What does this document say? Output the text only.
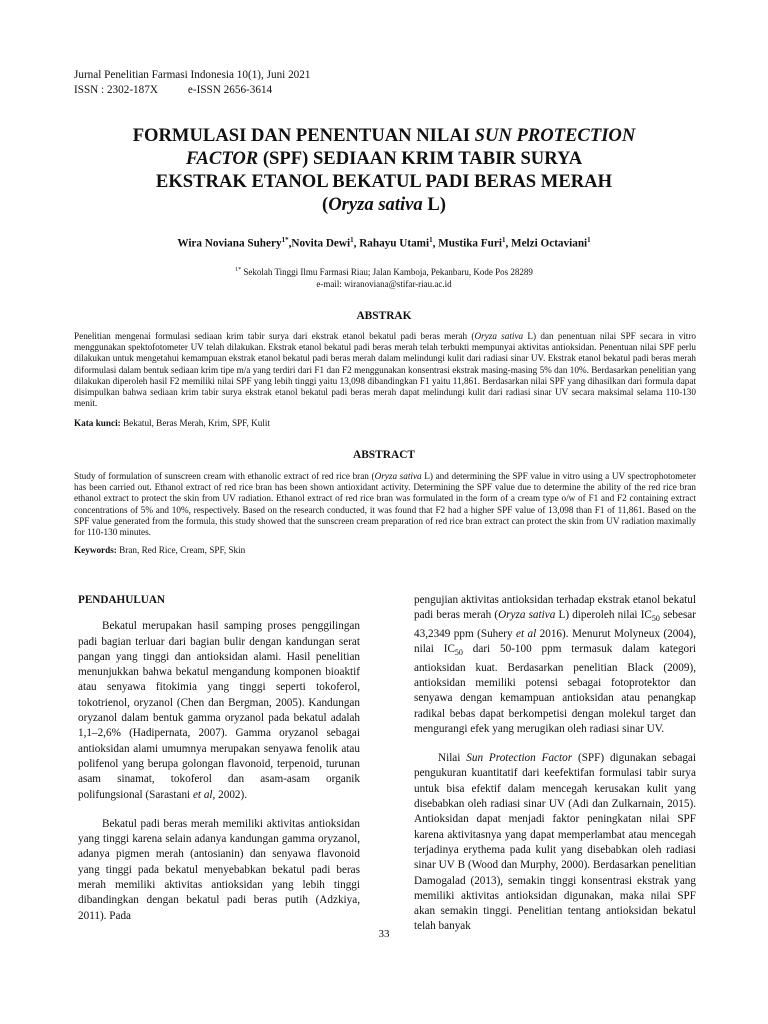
Jurnal Penelitian Farmasi Indonesia 10(1), Juni 2021
ISSN : 2302-187X	e-ISSN 2656-3614
FORMULASI DAN PENENTUAN NILAI SUN PROTECTION
FACTOR (SPF) SEDIAAN KRIM TABIR SURYA
EKSTRAK ETANOL BEKATUL PADI BERAS MERAH
(Oryza sativa L)
Wira Noviana Suhery$^{1*}$,Novita Dewi$^1$, Rahayu Utami$^1$, Mustika Furi$^1$, Melzi Octaviani$^1$
$^{1*}$ Sekolah Tinggi Ilmu Farmasi Riau; Jalan Kamboja, Pekanbaru, Kode Pos 28289
e-mail: wiranoviana@stifar-riau.ac.id
ABSTRAK
Penelitian mengenai formulasi sediaan krim tabir surya dari ekstrak etanol bekatul padi beras merah (Oryza sativa L) dan penentuan nilai SPF secara in vitro menggunakan spektofotometer UV telah dilakukan. Ekstrak etanol bekatul padi beras merah telah terbukti mempunyai aktivitas antioksidan. Penentuan nilai SPF perlu dilakukan untuk mengetahui kemampuan ekstrak etanol bekatul padi beras merah dalam melindungi kulit dari radiasi sinar UV. Ekstrak etanol bekatul padi beras merah diformulasi dalam bentuk sediaan krim tipe m/a yang terdiri dari F1 dan F2 menggunakan konsentrasi ekstrak masing-masing 5% dan 10%. Berdasarkan penelitian yang dilakukan diperoleh hasil F2 memiliki nilai SPF yang lebih tinggi yaitu 13,098 dibandingkan F1 yaitu 11,861. Berdasarkan nilai SPF yang dihasilkan dari formula dapat disimpulkan bahwa sediaan krim tabir surya ekstrak etanol bekatul padi beras merah dapat melindungi kulit dari radiasi sinar UV secara maksimal selama 110-130 menit.
Kata kunci: Bekatul, Beras Merah, Krim, SPF, Kulit
ABSTRACT
Study of formulation of sunscreen cream with ethanolic extract of red rice bran (Oryza sativa L) and determining the SPF value in vitro using a UV spectrophotometer has been carried out. Ethanol extract of red rice bran has been shown antioxidant activity. Determining the SPF value due to determine the ability of the red rice bran ethanol extract to protect the skin from UV radiation. Ethanol extract of red rice bran was formulated in the form of a cream type o/w of F1 and F2 containing extract concentrations of 5% and 10%, respectively. Based on the research conducted, it was found that F2 had a higher SPF value of 13,098 than F1 of 11,861. Based on the SPF value generated from the formula, this study showed that the sunscreen cream preparation of red rice bran extract can protect the skin from UV radiation maximally for 110-130 minutes.
Keywords: Bran, Red Rice, Cream, SPF, Skin
PENDAHULUAN

Bekatul merupakan hasil samping proses penggilingan padi bagian terluar dari bagian bulir dengan kandungan serat pangan yang tinggi dan antioksidan alami. Hasil penelitian menunjukkan bahwa bekatul mengandung komponen bioaktif atau senyawa fitokimia yang tinggi seperti tokoferol, tokotrienol, oryzanol (Chen dan Bergman, 2005). Kandungan oryzanol dalam bentuk gamma oryzanol pada bekatul adalah 1,1–2,6% (Hadipernata, 2007). Gamma oryzanol sebagai antioksidan alami umumnya merupakan senyawa fenolik atau polifenol yang berupa golongan flavonoid, terpenoid, turunan asam sinamat, tokoferol dan asam-asam organik polifungsional (Sarastani et al, 2002).

Bekatul padi beras merah memiliki aktivitas antioksidan yang tinggi karena selain adanya kandungan gamma oryzanol, adanya pigmen merah (antosianin) dan senyawa flavonoid yang tinggi pada bekatul menyebabkan bekatul padi beras merah memiliki aktivitas antioksidan yang lebih tinggi dibandingkan dengan bekatul padi beras putih (Adzkiya, 2011). Pada

pengujian aktivitas antioksidan terhadap ekstrak etanol bekatul padi beras merah (Oryza sativa L) diperoleh nilai $IC_{50}$ sebesar 43,2349 ppm (Suhery et al 2016). Menurut Molyneux (2004), nilai $IC_{50}$ dari 50-100 ppm termasuk dalam kategori antioksidan kuat. Berdasarkan penelitian Black (2009), antioksidan memiliki potensi sebagai fotoprotektor dan senyawa dengan kemampuan antioksidan atau penangkap radikal bebas dapat berkompetisi dengan molekul target dan mengurangi efek yang merugikan oleh radiasi sinar UV.

Nilai Sun Protection Factor (SPF) digunakan sebagai pengukuran kuantitatif dari keefektifan formulasi tabir surya untuk bisa efektif dalam mencegah kerusakan kulit yang disebabkan oleh radiasi sinar UV (Adi dan Zulkarnain, 2015). Antioksidan dapat menjadi faktor peningkatan nilai SPF karena aktivitasnya yang dapat memperlambat atau mencegah terjadinya erythema pada kulit yang disebabkan oleh radiasi sinar UV B (Wood dan Murphy, 2000). Berdasarkan penelitian Damogalad (2013), semakin tinggi konsentrasi ekstrak yang memiliki aktivitas antioksidan digunakan, maka nilai SPF akan semakin tinggi. Penelitian tentang antioksidan bekatul telah banyak

33
